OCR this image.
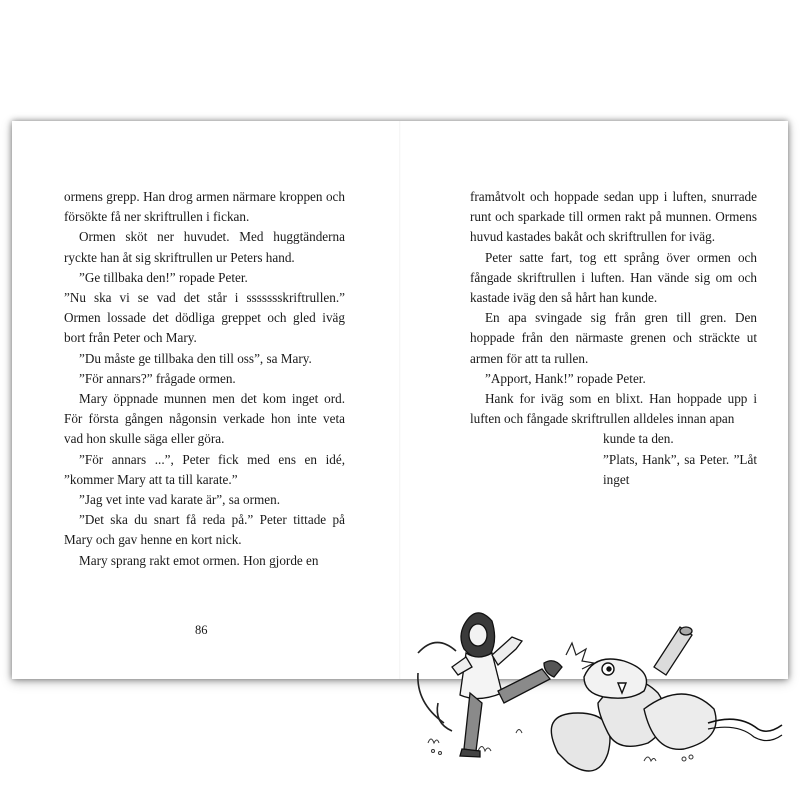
ormens grepp. Han drog armen närmare kroppen och försökte få ner skriftrullen i fickan.

Ormen sköt ner huvudet. Med huggtänderna ryckte han åt sig skriftrullen ur Peters hand.

”Ge tillbaka den!” ropade Peter.

”Nu ska vi se vad det står i ssssssskriftrullen.” Ormen lossade det dödliga greppet och gled iväg bort från Peter och Mary.

”Du måste ge tillbaka den till oss”, sa Mary.

”För annars?” frågade ormen.

Mary öppnade munnen men det kom inget ord. För första gången någonsin verkade hon inte veta vad hon skulle säga eller göra.

”För annars ...”, Peter fick med ens en idé, ”kommer Mary att ta till karate.”

”Jag vet inte vad karate är”, sa ormen.

”Det ska du snart få reda på.” Peter tittade på Mary och gav henne en kort nick.

Mary sprang rakt emot ormen. Hon gjorde en

86

framåtvolt och hoppade sedan upp i luften, snurrade runt och sparkade till ormen rakt på munnen. Ormens huvud kastades bakåt och skriftrullen for iväg.

Peter satte fart, tog ett språng över ormen och fångade skriftrullen i luften. Han vände sig om och kastade iväg den så hårt han kunde.

En apa svingade sig från gren till gren. Den hoppade från den närmaste grenen och sträckte ut armen för att ta rullen.

”Apport, Hank!” ropade Peter.

Hank for iväg som en blixt. Han hoppade upp i luften och fångade skriftrullen alldeles innan apan

kunde ta den.

”Plats, Hank”, sa Peter. ”Låt inget
